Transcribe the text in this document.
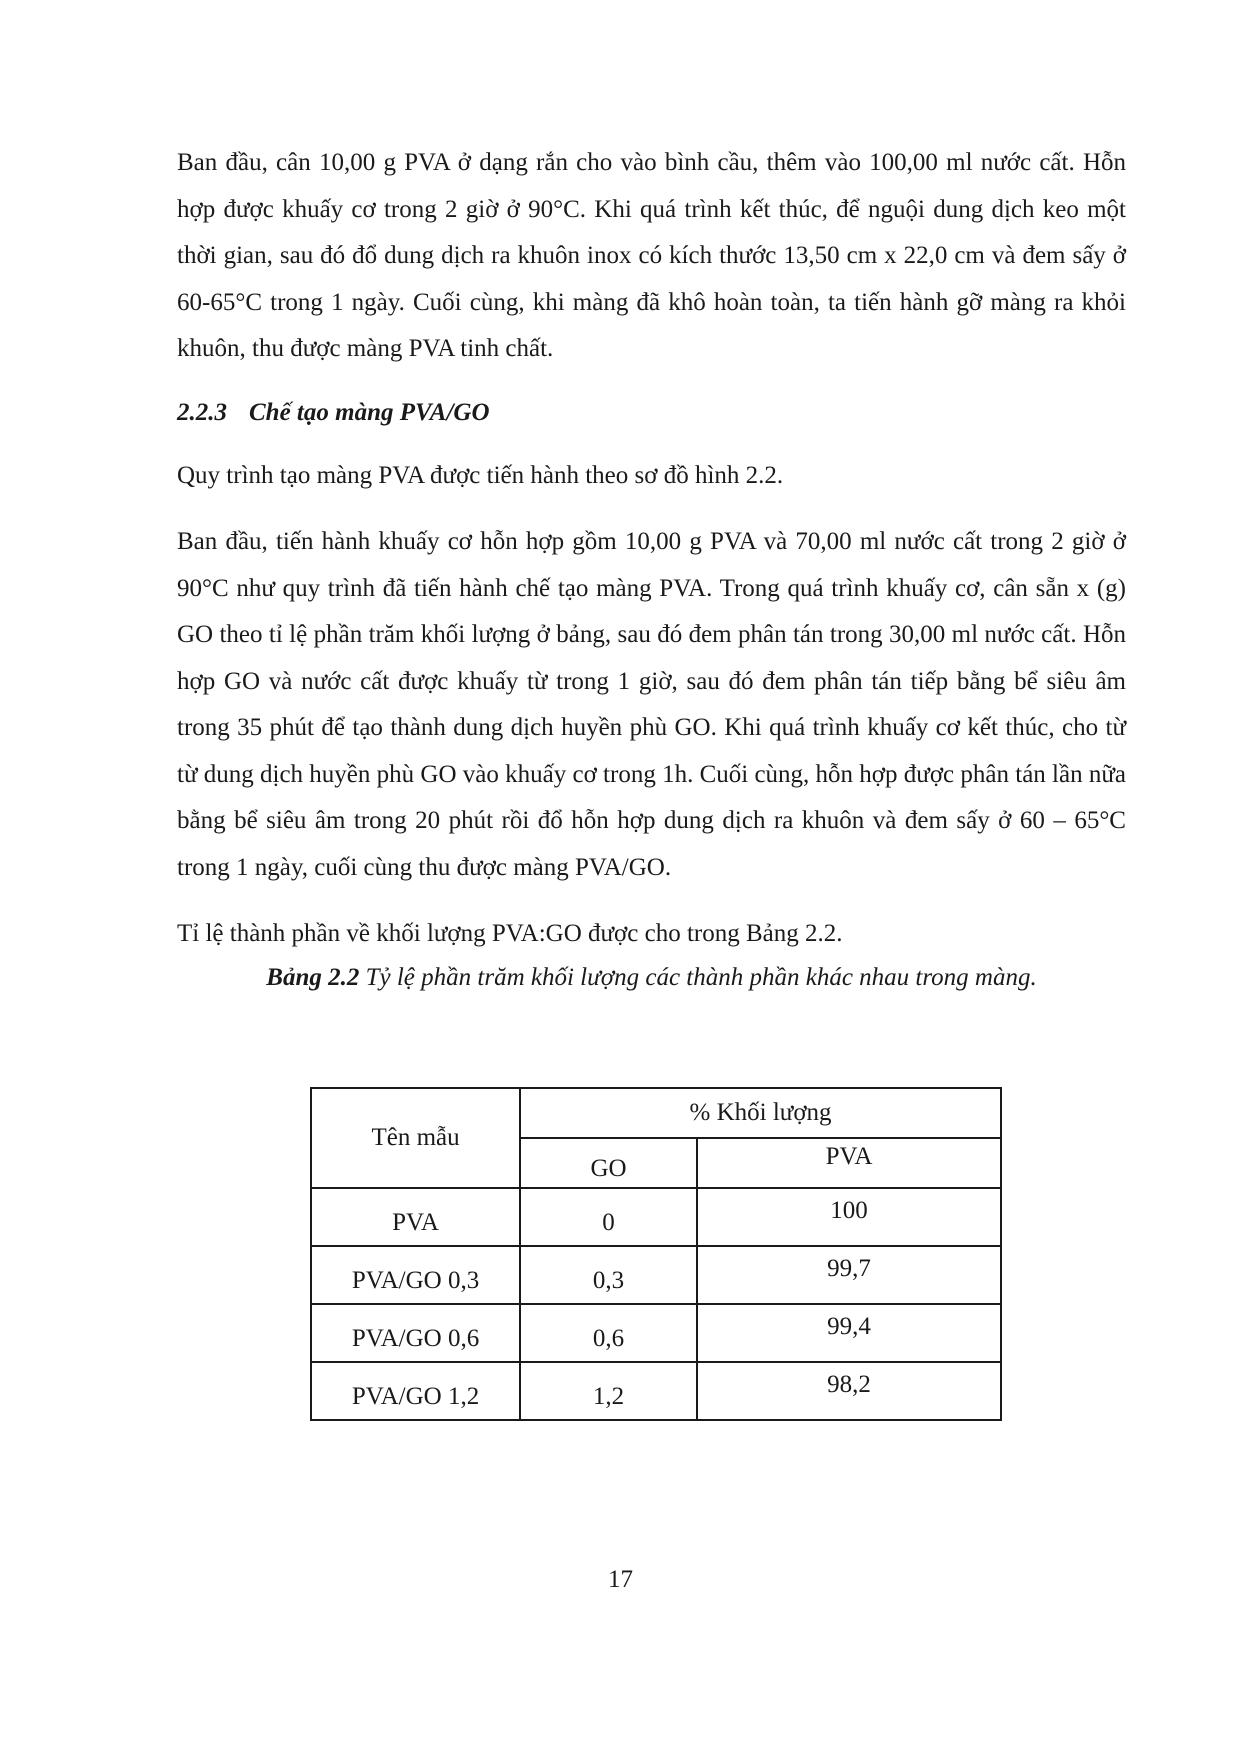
Ban đầu, cân 10,00 g PVA ở dạng rắn cho vào bình cầu, thêm vào 100,00 ml nước cất. Hỗn hợp được khuấy cơ trong 2 giờ ở 90°C. Khi quá trình kết thúc, để nguội dung dịch keo một thời gian, sau đó đổ dung dịch ra khuôn inox có kích thước 13,50 cm x 22,0 cm và đem sấy ở 60-65°C trong 1 ngày. Cuối cùng, khi màng đã khô hoàn toàn, ta tiến hành gỡ màng ra khỏi khuôn, thu được màng PVA tinh chất.

2.2.3 Chế tạo màng PVA/GO

Quy trình tạo màng PVA được tiến hành theo sơ đồ hình 2.2.

Ban đầu, tiến hành khuấy cơ hỗn hợp gồm 10,00 g PVA và 70,00 ml nước cất trong 2 giờ ở 90°C như quy trình đã tiến hành chế tạo màng PVA. Trong quá trình khuấy cơ, cân sẵn x (g) GO theo tỉ lệ phần trăm khối lượng ở bảng, sau đó đem phân tán trong 30,00 ml nước cất. Hỗn hợp GO và nước cất được khuấy từ trong 1 giờ, sau đó đem phân tán tiếp bằng bể siêu âm trong 35 phút để tạo thành dung dịch huyền phù GO. Khi quá trình khuấy cơ kết thúc, cho từ từ dung dịch huyền phù GO vào khuấy cơ trong 1h. Cuối cùng, hỗn hợp được phân tán lần nữa bằng bể siêu âm trong 20 phút rồi đổ hỗn hợp dung dịch ra khuôn và đem sấy ở 60 – 65°C trong 1 ngày, cuối cùng thu được màng PVA/GO.

Tỉ lệ thành phần về khối lượng PVA:GO được cho trong Bảng 2.2.

Bảng 2.2 Tỷ lệ phần trăm khối lượng các thành phần khác nhau trong màng.

Tên mẫu	% Khối lượng	
	GO	PVA
PVA	0	100
PVA/GO 0,3	0,3	99,7
PVA/GO 0,6	0,6	99,4
PVA/GO 1,2	1,2	98,2
17
